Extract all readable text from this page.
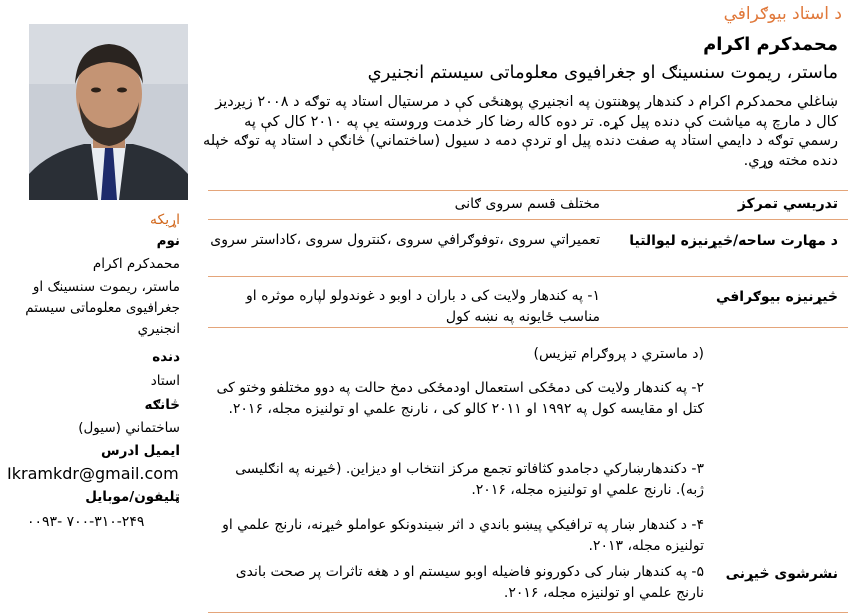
د استاد بیوګرافي
محمدکرم اکرام
ماستر، ریموت سنسینګ او جغرافیوی معلوماتی سیستم انجنیري
ښاغلي محمدکرم اکرام د کندهار پوهنتون په انجنیري پوهنځی کې د مرستیال استاد په توګه د ۲۰۰۸ زیږدیز کال د مارچ په میاشت کې دنده پیل کړه. تر دوه کاله رضا کار خدمت وروسته یې په ۲۰۱۰ کال کې په رسمي توګه د دایمي استاد په صفت دنده پیل او تردې دمه د سیول (ساختماني) څانګې د استاد په توګه خپله دنده مخته وړي.
اړیکه
نوم
محمدکرم اکرام
ماستر، ریموت سنسینګ او جغرافیوی معلوماتی سیستم انجنیري
دنده
استاد
څانګه
ساختماني (سیول)
ایمیل ادرس
Ikramkdr@gmail.com
ټلیفون/موبایل
۰۰۹۳- ۷۰۰-۳۱۰-۲۴۹
تدریسي تمرکز
مختلف قسم سروی ګانی
د مهارت ساحه/څیړنیزه لیوالتیا
تعمیراتي سروی ،توفوګرافي سروی ،کنترول سروی ،کاداستر سروی
څیړنیزه بیوګرافي
۱- په کندهار ولایت کی د باران د اوبو د غوندولو لپاره موثره او مناسب ځایونه په نښه کول
(د ماستري د پروګرام تیزیس)
۲- په کندهار ولایت کی دمځکی استعمال اودمځکی دمخ حالت په دوو مختلفو وختو کی کتل او مقایسه کول په ۱۹۹۲ او ۲۰۱۱ کالو کی ، نارنج علمي او تولنیزه مجله، ۲۰۱۶.
۳- دکندهارښارکي دجامدو کثافاتو تجمع مرکز انتخاب او دیزاین. (څیړنه په انګلیسی ژبه). نارنج علمي او تولنیزه مجله، ۲۰۱۶.
۴- د کندهار ښار په ترافیکي پیښو باندي د اثر ښیندونکو عواملو څیړنه، نارنج علمي او تولنیزه مجله، ۲۰۱۳.
۵- په کندهار ښار کی دکورونو فاضیله اوبو سیستم او د هغه تاثرات پر صحت باندی نارنج علمي او تولنیزه مجله، ۲۰۱۶.
نشرشوی څیړنی
